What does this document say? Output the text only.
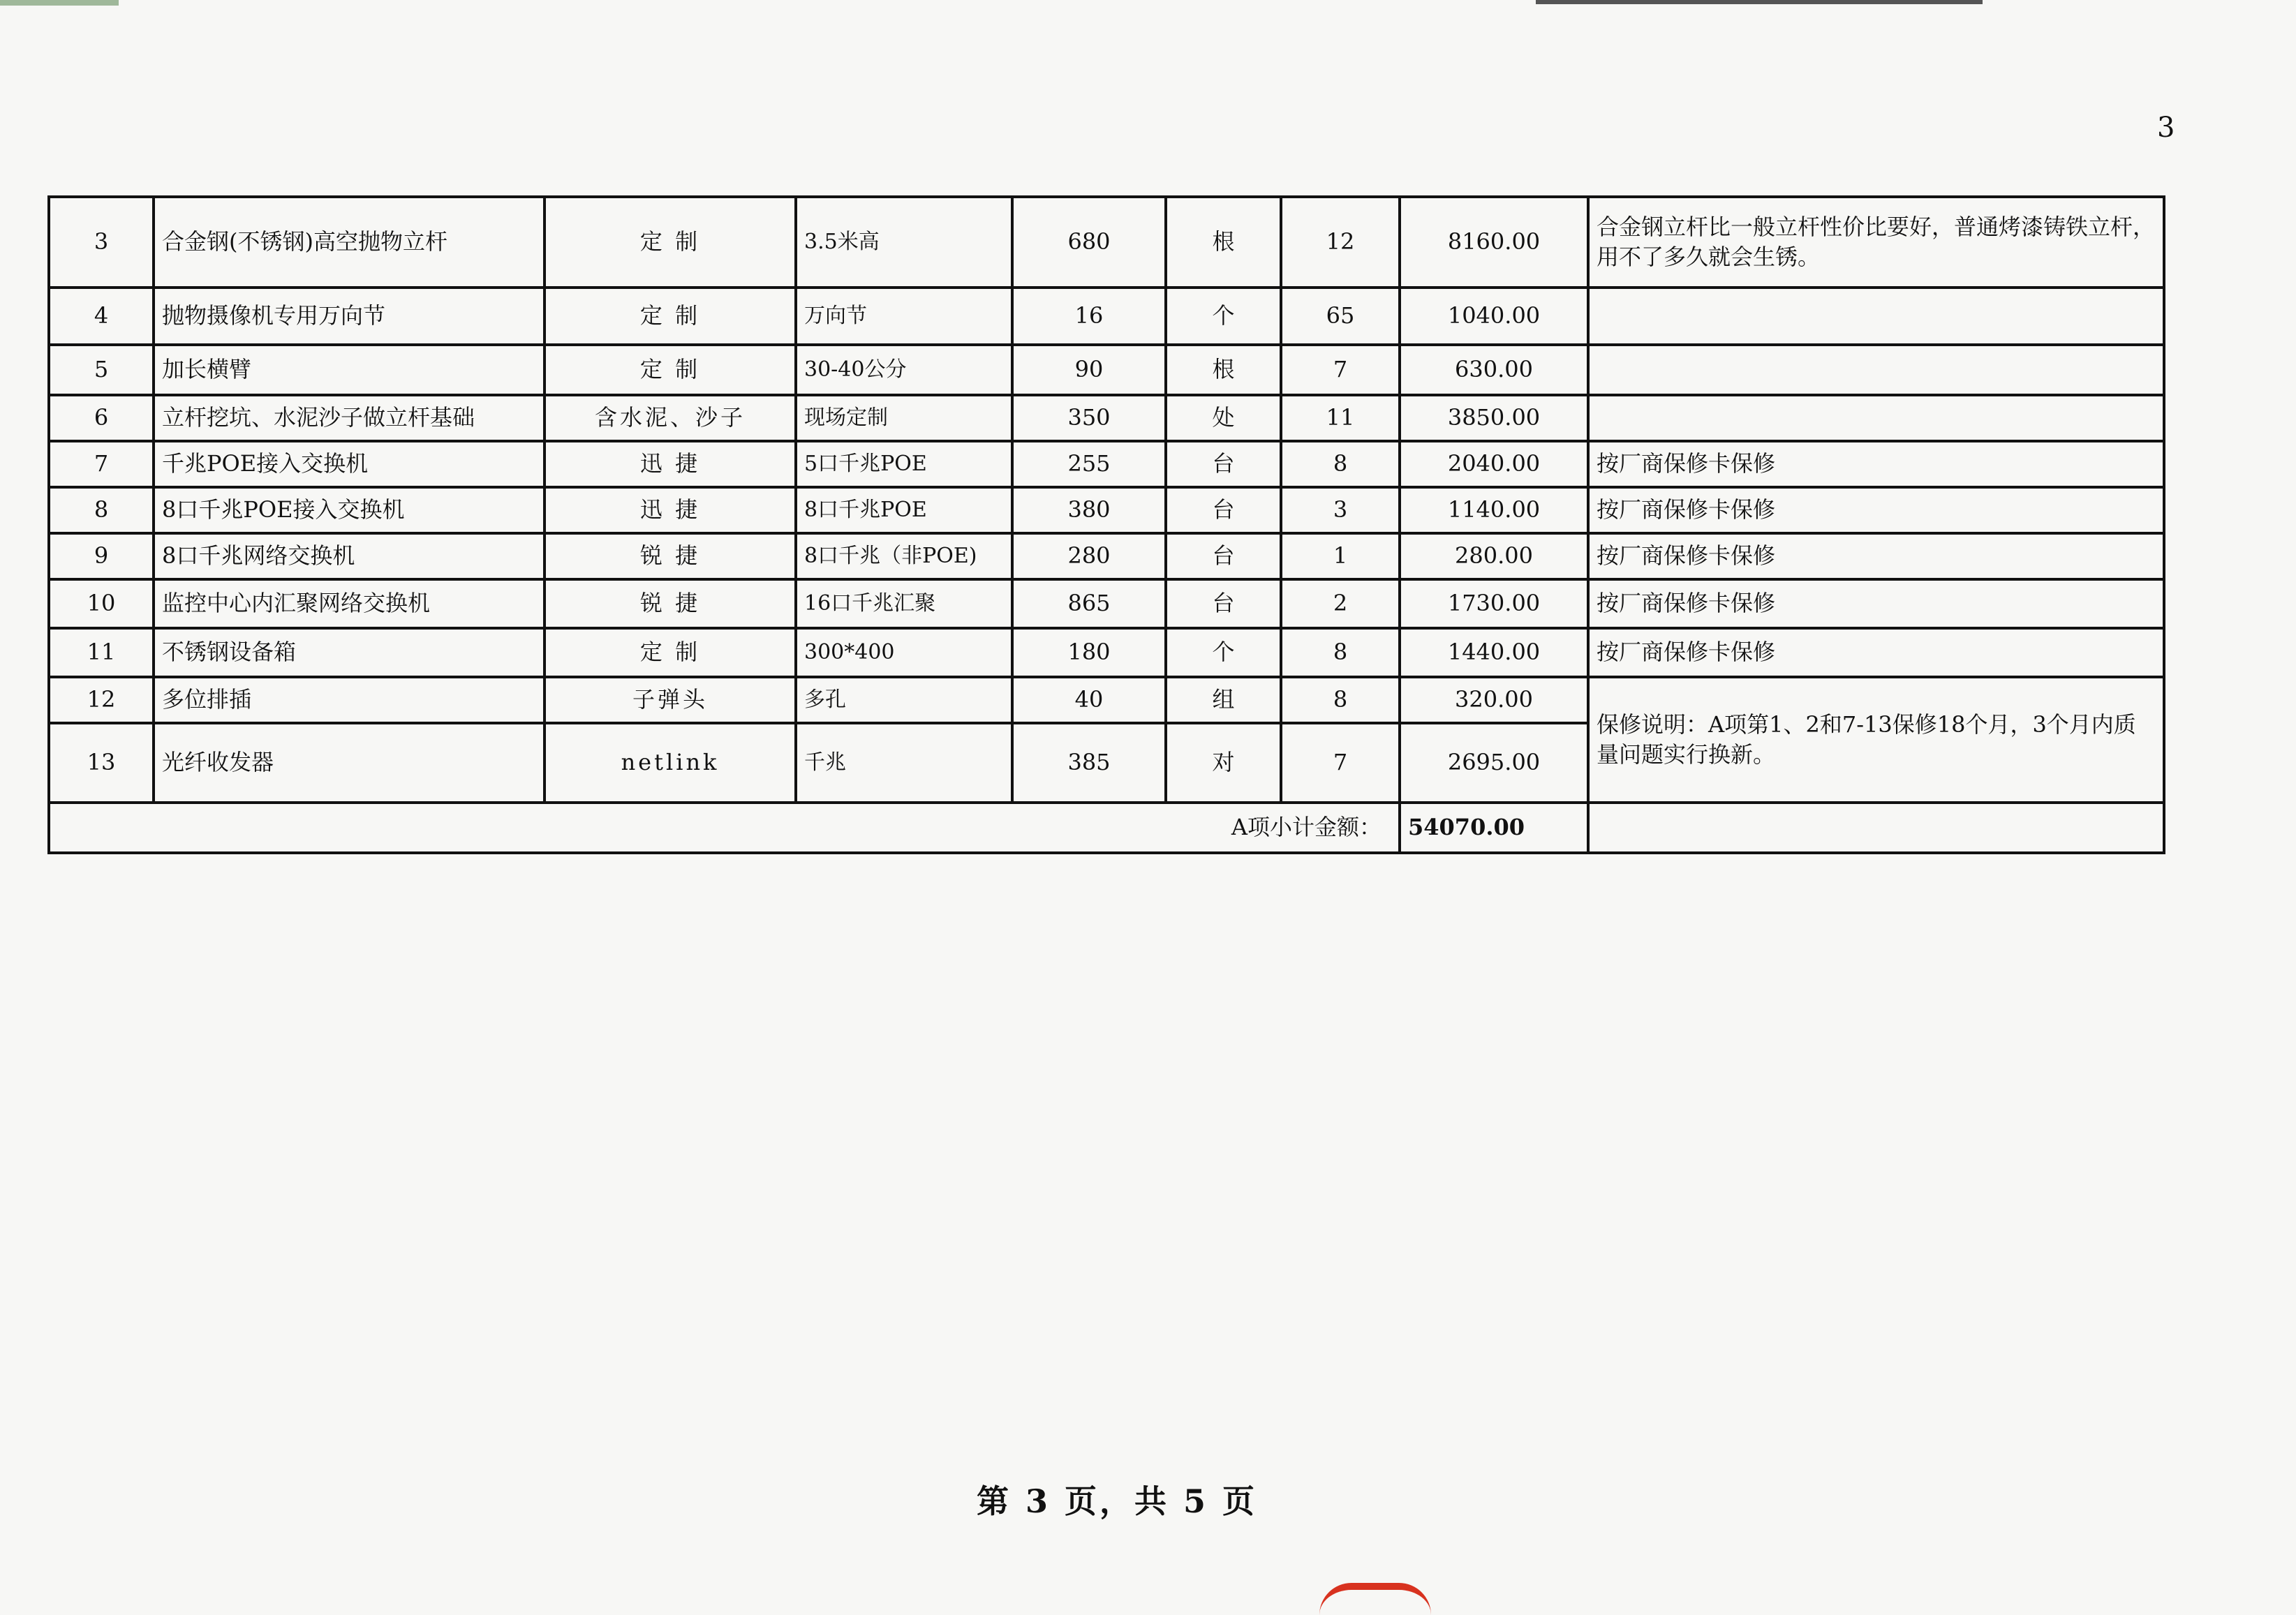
3
3	合金钢(不锈钢)高空抛物立杆	定 制	3.5米高	680	根	12	8160.00	合金钢立杆比一般立杆性价比要好，普通烤漆铸铁立杆，用不了多久就会生锈。
4	抛物摄像机专用万向节	定 制	万向节	16	个	65	1040.00	
5	加长横臂	定 制	30-40公分	90	根	7	630.00	
6	立杆挖坑、水泥沙子做立杆基础	含水泥、沙子	现场定制	350	处	11	3850.00	
7	千兆POE接入交换机	迅 捷	5口千兆POE	255	台	8	2040.00	按厂商保修卡保修
8	8口千兆POE接入交换机	迅 捷	8口千兆POE	380	台	3	1140.00	按厂商保修卡保修
9	8口千兆网络交换机	锐 捷	8口千兆（非POE)	280	台	1	280.00	按厂商保修卡保修
10	监控中心内汇聚网络交换机	锐 捷	16口千兆汇聚	865	台	2	1730.00	按厂商保修卡保修
11	不锈钢设备箱	定 制	300*400	180	个	8	1440.00	按厂商保修卡保修
12	多位排插	子弹头	多孔	40	组	8	320.00	保修说明：A项第1、2和7-13保修18个月，3个月内质量问题实行换新。
13	光纤收发器	netlink	千兆	385	对	7	2695.00	
A项小计金额：							54070.00	
第 3 页，共 5 页
